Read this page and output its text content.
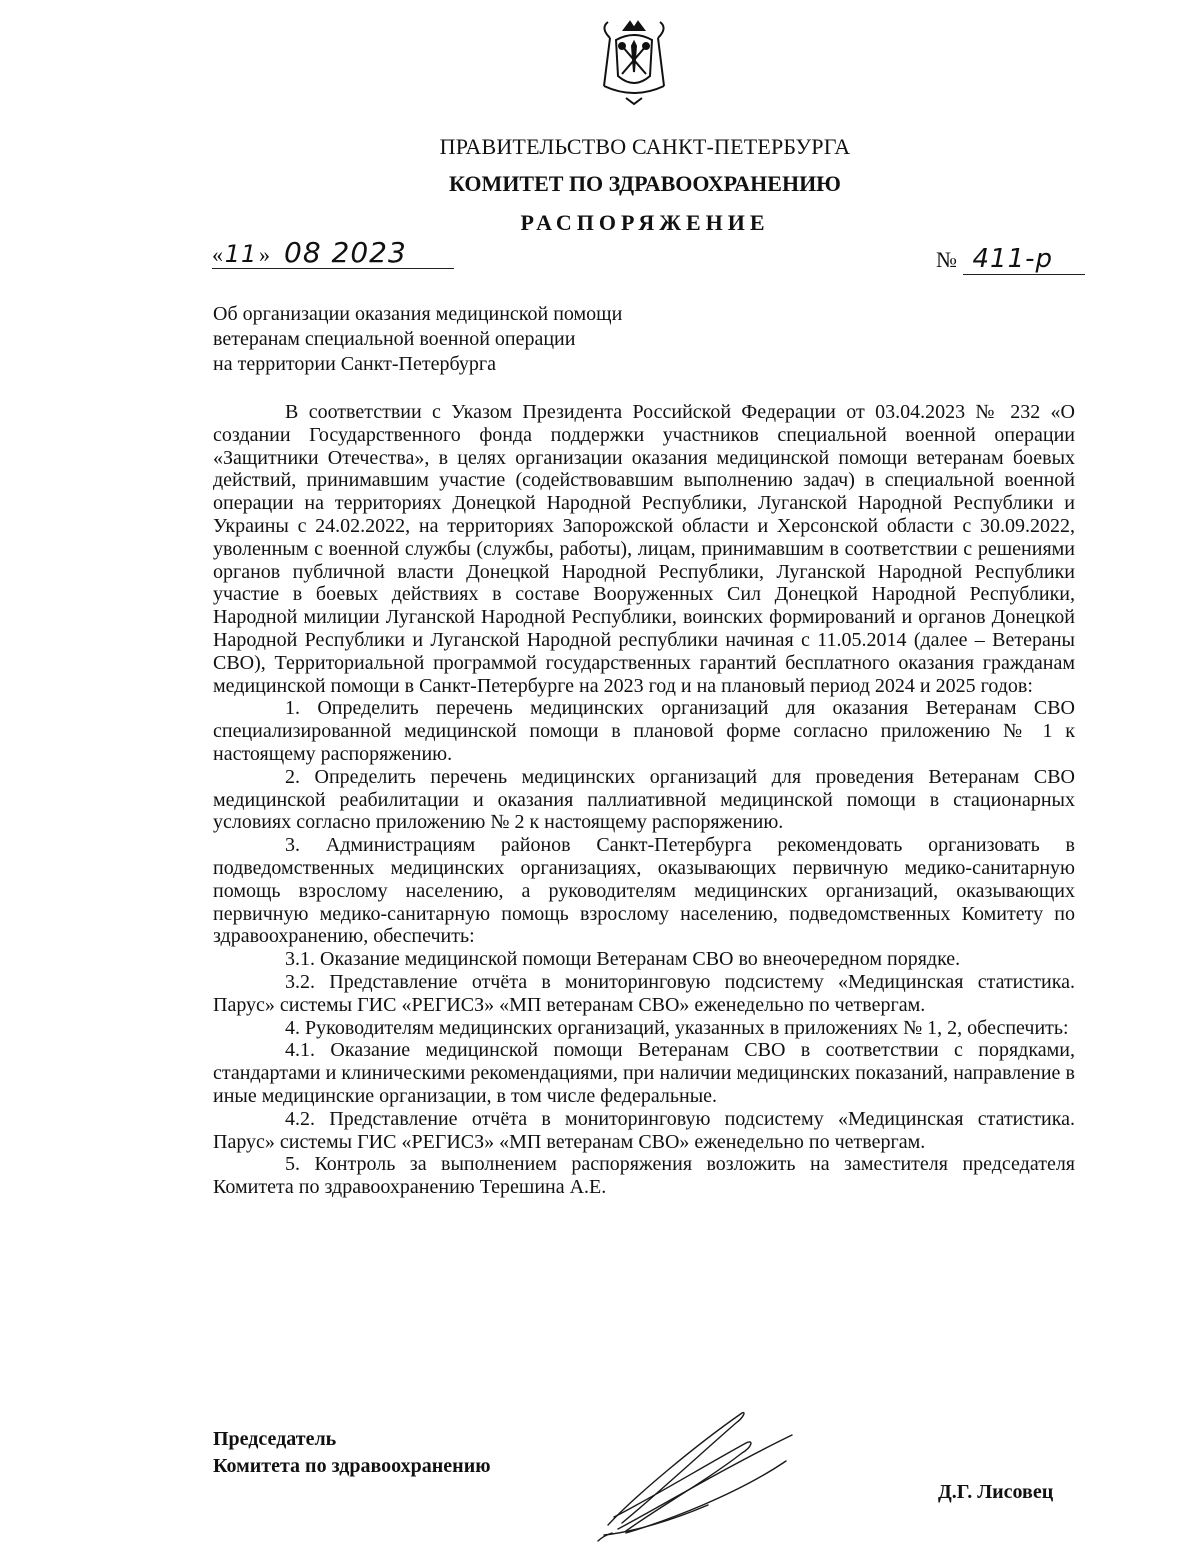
ПРАВИТЕЛЬСТВО САНКТ-ПЕТЕРБУРГА
КОМИТЕТ ПО ЗДРАВООХРАНЕНИЮ
РАСПОРЯЖЕНИЕ
«11» 08 2023	№ 411-р
Об организации оказания медицинской помощи
ветеранам специальной военной операции
на территории Санкт-Петербурга

В соответствии с Указом Президента Российской Федерации от 03.04.2023 № 232 «О создании Государственного фонда поддержки участников специальной военной операции «Защитники Отечества», в целях организации оказания медицинской помощи ветеранам боевых действий, принимавшим участие (содействовавшим выполнению задач) в специальной военной операции на территориях Донецкой Народной Республики, Луганской Народной Республики и Украины с 24.02.2022, на территориях Запорожской области и Херсонской области с 30.09.2022, уволенным с военной службы (службы, работы), лицам, принимавшим в соответствии с решениями органов публичной власти Донецкой Народной Республики, Луганской Народной Республики участие в боевых действиях в составе Вооруженных Сил Донецкой Народной Республики, Народной милиции Луганской Народной Республики, воинских формирований и органов Донецкой Народной Республики и Луганской Народной республики начиная с 11.05.2014 (далее – Ветераны СВО), Территориальной программой государственных гарантий бесплатного оказания гражданам медицинской помощи в Санкт-Петербурге на 2023 год и на плановый период 2024 и 2025 годов:

1. Определить перечень медицинских организаций для оказания Ветеранам СВО специализированной медицинской помощи в плановой форме согласно приложению № 1 к настоящему распоряжению.

2. Определить перечень медицинских организаций для проведения Ветеранам СВО медицинской реабилитации и оказания паллиативной медицинской помощи в стационарных условиях согласно приложению № 2 к настоящему распоряжению.

3. Администрациям районов Санкт-Петербурга рекомендовать организовать в подведомственных медицинских организациях, оказывающих первичную медико-санитарную помощь взрослому населению, а руководителям медицинских организаций, оказывающих первичную медико-санитарную помощь взрослому населению, подведомственных Комитету по здравоохранению, обеспечить:

3.1. Оказание медицинской помощи Ветеранам СВО во внеочередном порядке.

3.2. Представление отчёта в мониторинговую подсистему «Медицинская статистика. Парус» системы ГИС «РЕГИСЗ» «МП ветеранам СВО» еженедельно по четвергам.

4. Руководителям медицинских организаций, указанных в приложениях № 1, 2, обеспечить:

4.1. Оказание медицинской помощи Ветеранам СВО в соответствии с порядками, стандартами и клиническими рекомендациями, при наличии медицинских показаний, направление в иные медицинские организации, в том числе федеральные.

4.2. Представление отчёта в мониторинговую подсистему «Медицинская статистика. Парус» системы ГИС «РЕГИСЗ» «МП ветеранам СВО» еженедельно по четвергам.

5. Контроль за выполнением распоряжения возложить на заместителя председателя Комитета по здравоохранению Терешина А.Е.

Председатель
Комитета по здравоохранению
Д.Г. Лисовец
